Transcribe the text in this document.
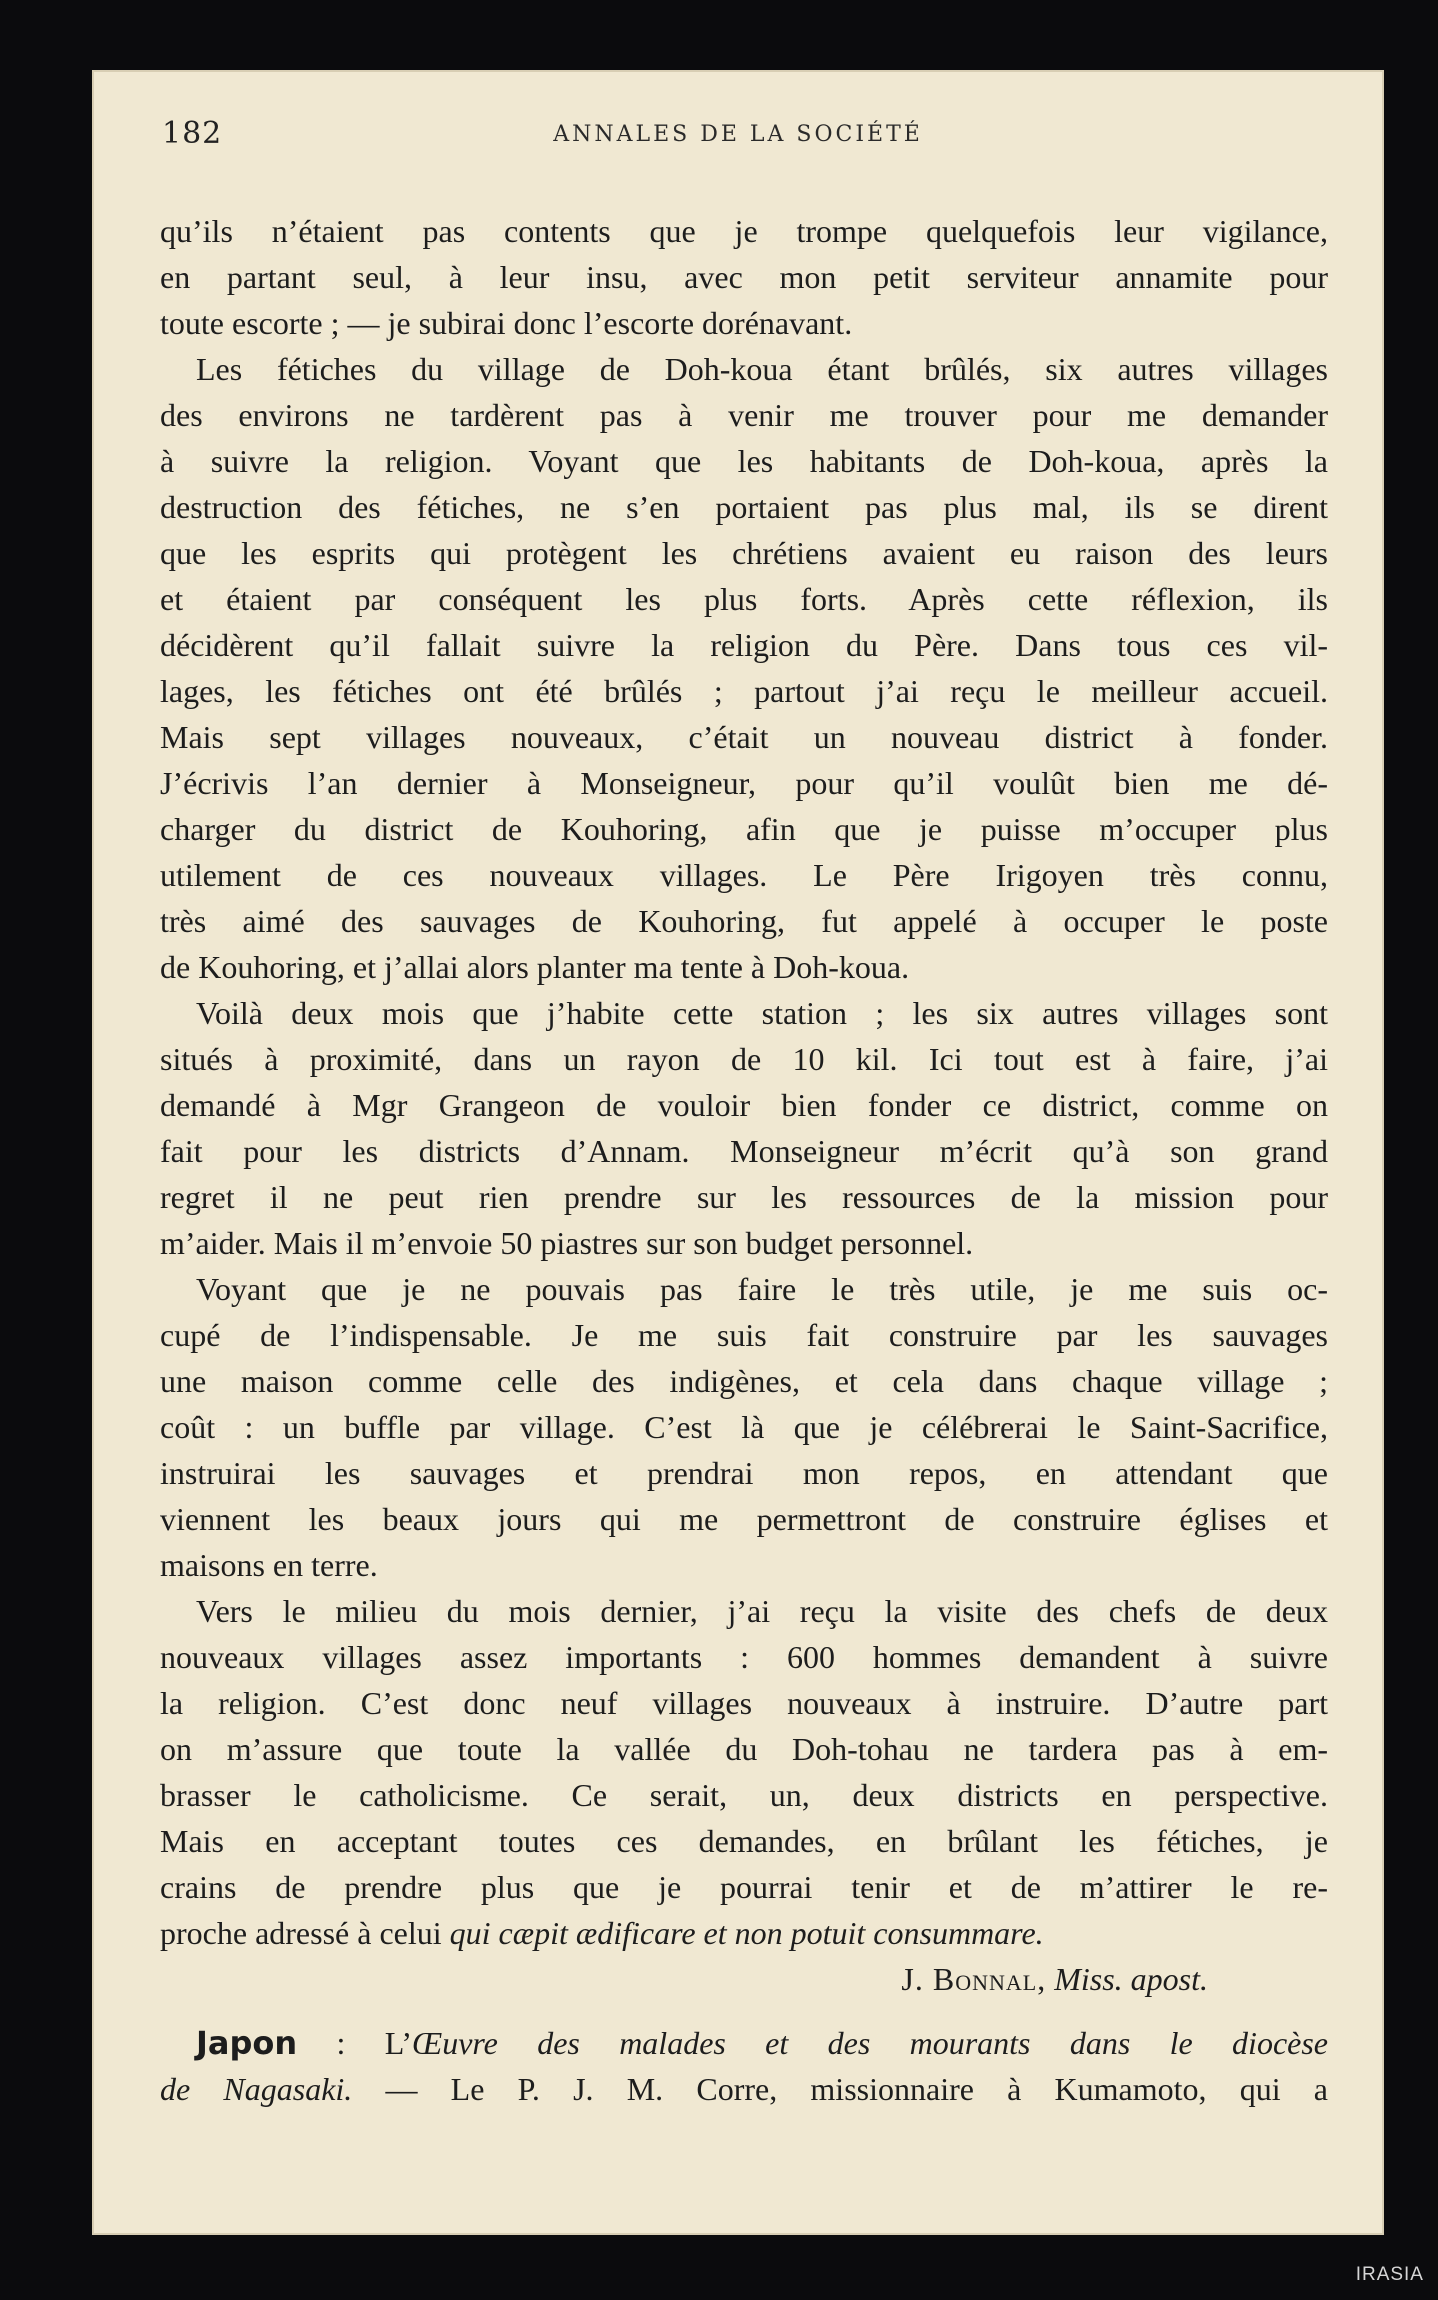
182	ANNALES DE LA SOCIÉTÉ
qu’ils n’étaient pas contents que je trompe quelquefois leur vigilance,
en partant seul, à leur insu, avec mon petit serviteur annamite pour
toute escorte ; — je subirai donc l’escorte dorénavant.
Les fétiches du village de Doh-koua étant brûlés, six autres villages
des environs ne tardèrent pas à venir me trouver pour me demander
à suivre la religion. Voyant que les habitants de Doh-koua, après la
destruction des fétiches, ne s’en portaient pas plus mal, ils se dirent
que les esprits qui protègent les chrétiens avaient eu raison des leurs
et étaient par conséquent les plus forts. Après cette réflexion, ils
décidèrent qu’il fallait suivre la religion du Père. Dans tous ces vil-
lages, les fétiches ont été brûlés ; partout j’ai reçu le meilleur accueil.
Mais sept villages nouveaux, c’était un nouveau district à fonder.
J’écrivis l’an dernier à Monseigneur, pour qu’il voulût bien me dé-
charger du district de Kouhoring, afin que je puisse m’occuper plus
utilement de ces nouveaux villages. Le Père Irigoyen très connu,
très aimé des sauvages de Kouhoring, fut appelé à occuper le poste
de Kouhoring, et j’allai alors planter ma tente à Doh-koua.
Voilà deux mois que j’habite cette station ; les six autres villages sont
situés à proximité, dans un rayon de 10 kil. Ici tout est à faire, j’ai
demandé à Mgr Grangeon de vouloir bien fonder ce district, comme on
fait pour les districts d’Annam. Monseigneur m’écrit qu’à son grand
regret il ne peut rien prendre sur les ressources de la mission pour
m’aider. Mais il m’envoie 50 piastres sur son budget personnel.
Voyant que je ne pouvais pas faire le très utile, je me suis oc-
cupé de l’indispensable. Je me suis fait construire par les sauvages
une maison comme celle des indigènes, et cela dans chaque village ;
coût : un buffle par village. C’est là que je célébrerai le Saint-Sacrifice,
instruirai les sauvages et prendrai mon repos, en attendant que
viennent les beaux jours qui me permettront de construire églises et
maisons en terre.
Vers le milieu du mois dernier, j’ai reçu la visite des chefs de deux
nouveaux villages assez importants : 600 hommes demandent à suivre
la religion. C’est donc neuf villages nouveaux à instruire. D’autre part
on m’assure que toute la vallée du Doh-tohau ne tardera pas à em-
brasser le catholicisme. Ce serait, un, deux districts en perspective.
Mais en acceptant toutes ces demandes, en brûlant les fétiches, je
crains de prendre plus que je pourrai tenir et de m’attirer le re-
proche adressé à celui qui cæpit ædificare et non potuit consummare.
J. Bonnal, Miss. apost.
Japon : L’Œuvre des malades et des mourants dans le diocèse
de Nagasaki. — Le P. J. M. Corre, missionnaire à Kumamoto, qui a
IRASIA
